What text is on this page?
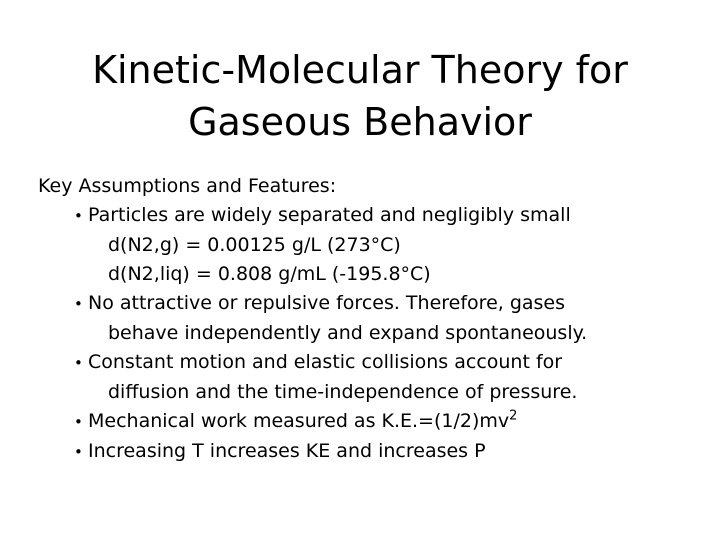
Kinetic-Molecular Theory for
Gaseous Behavior

Key Assumptions and Features:

• Particles are widely separated and negligibly small

d(N2,g) = 0.00125 g/L (273°C)

d(N2,liq) = 0.808 g/mL (-195.8°C)

• No attractive or repulsive forces. Therefore, gases

behave independently and expand spontaneously.

• Constant motion and elastic collisions account for

diffusion and the time-independence of pressure.

• Mechanical work measured as $K.E.=(1/2)mv^2$

• Increasing T increases KE and increases P
